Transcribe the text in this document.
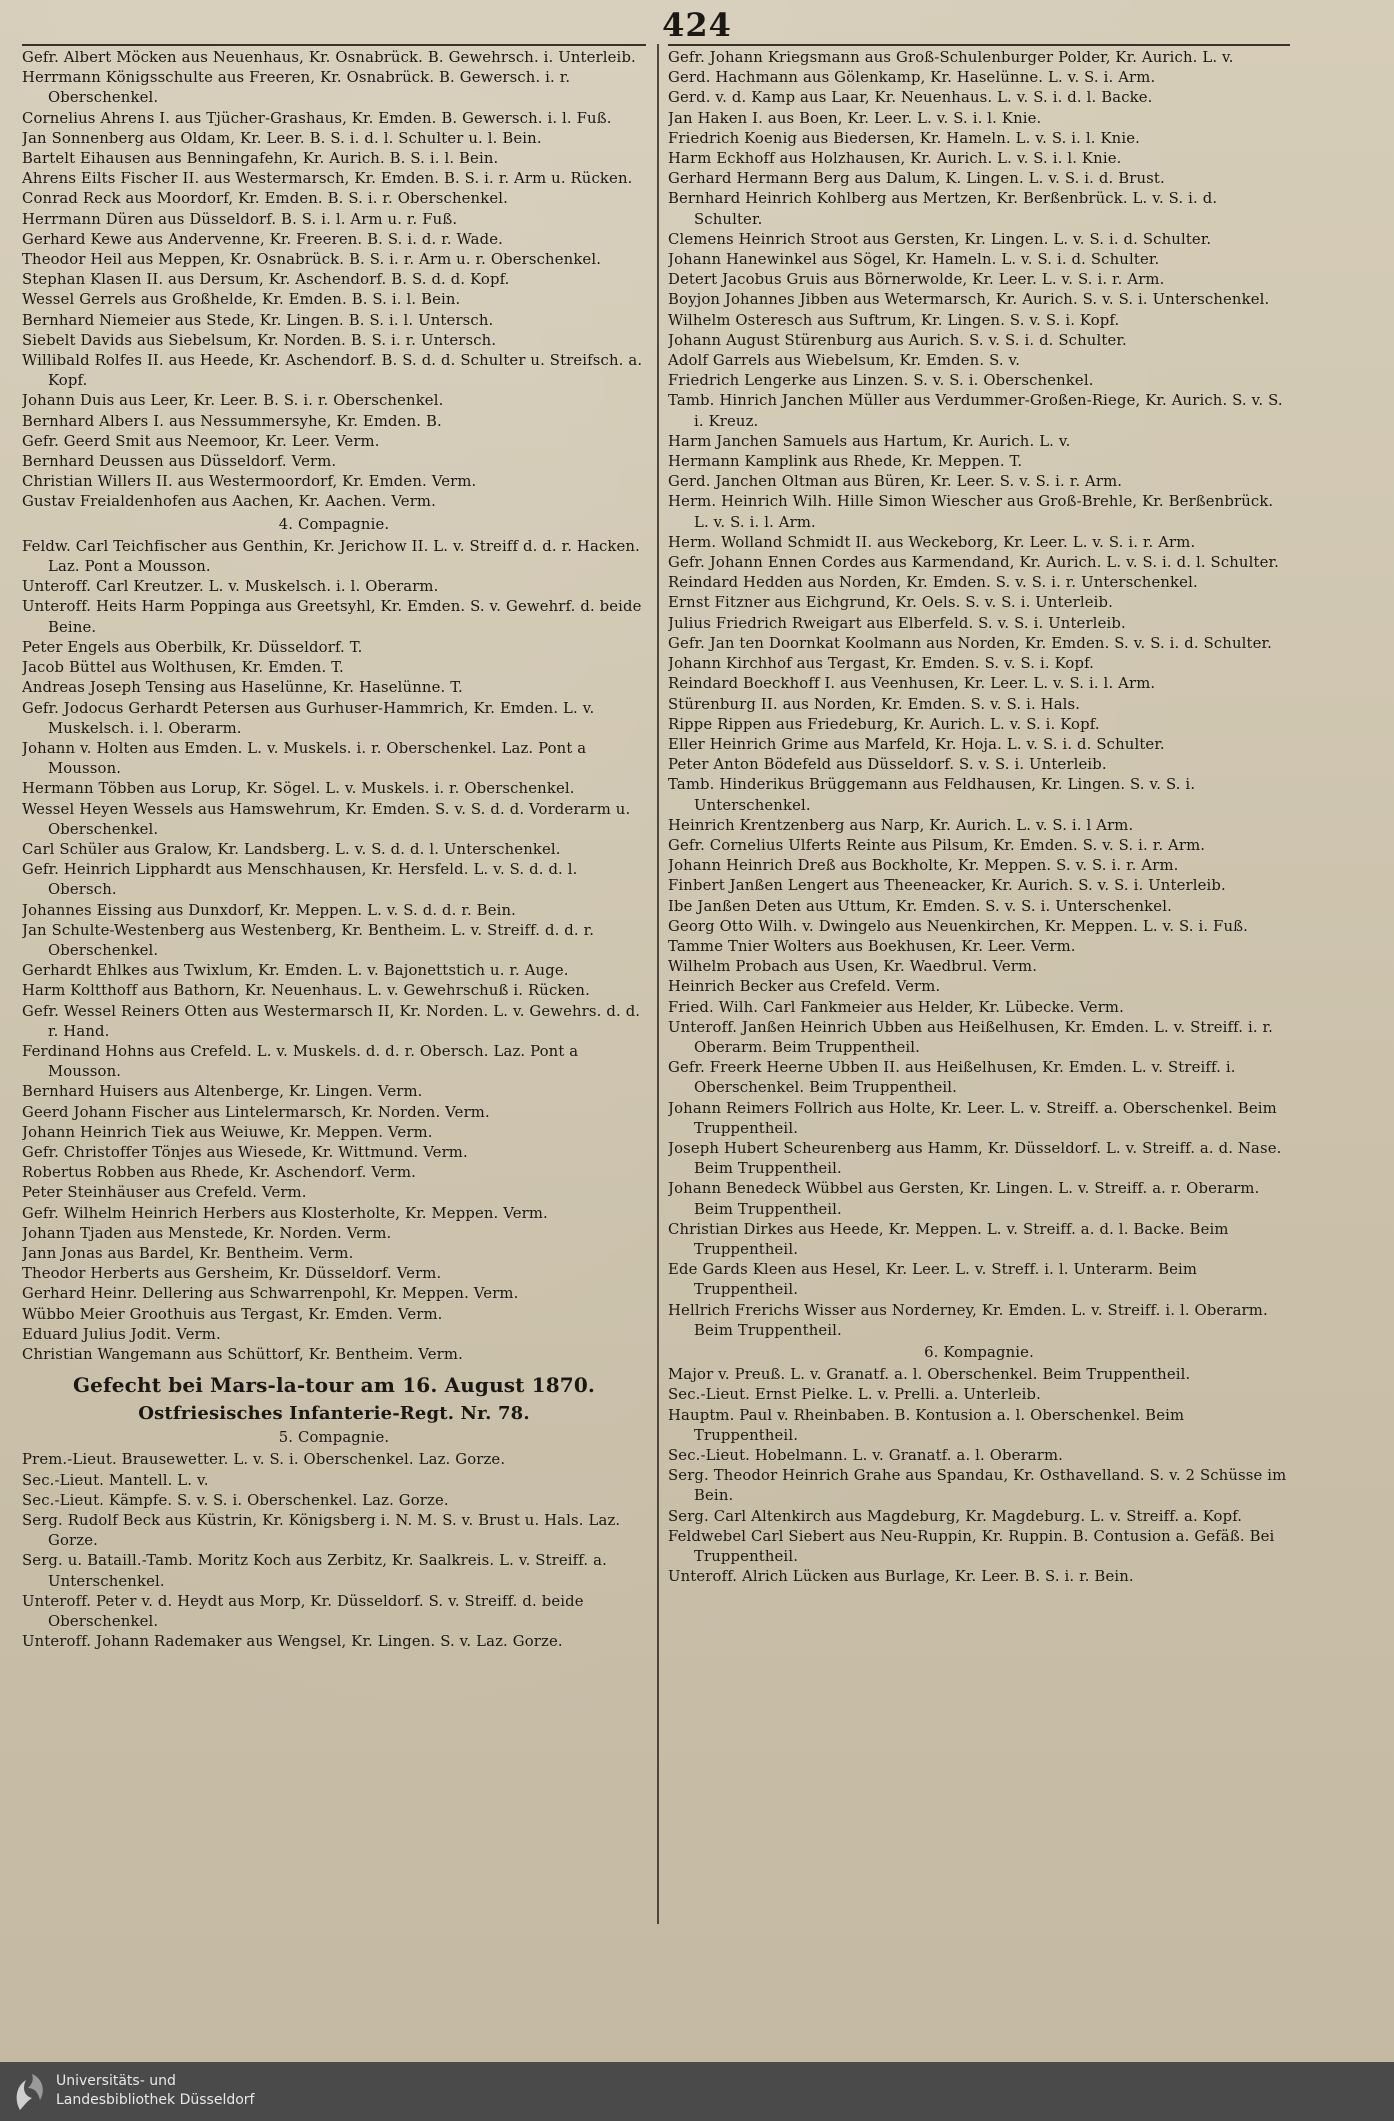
424
Gefr. Albert Möcken aus Neuenhaus, Kr. Osnabrück. B. Gewehrsch. i. Unterleib.
Herrmann Königsschulte aus Freeren, Kr. Osnabrück. B. Gewersch. i. r. Oberschenkel.
Cornelius Ahrens I. aus Tjücher-Grashaus, Kr. Emden. B. Gewersch. i. l. Fuß.
Jan Sonnenberg aus Oldam, Kr. Leer. B. S. i. d. l. Schulter u. l. Bein.
Bartelt Eihausen aus Benningafehn, Kr. Aurich. B. S. i. l. Bein.
Ahrens Eilts Fischer II. aus Westermarsch, Kr. Emden. B. S. i. r. Arm u. Rücken.
Conrad Reck aus Moordorf, Kr. Emden. B. S. i. r. Oberschenkel.
Herrmann Düren aus Düsseldorf. B. S. i. l. Arm u. r. Fuß.
Gerhard Kewe aus Andervenne, Kr. Freeren. B. S. i. d. r. Wade.
Theodor Heil aus Meppen, Kr. Osnabrück. B. S. i. r. Arm u. r. Oberschenkel.
Stephan Klasen II. aus Dersum, Kr. Aschendorf. B. S. d. d. Kopf.
Wessel Gerrels aus Großhelde, Kr. Emden. B. S. i. l. Bein.
Bernhard Niemeier aus Stede, Kr. Lingen. B. S. i. l. Untersch.
Siebelt Davids aus Siebelsum, Kr. Norden. B. S. i. r. Untersch.
Willibald Rolfes II. aus Heede, Kr. Aschendorf. B. S. d. d. Schulter u. Streifsch. a. Kopf.
Johann Duis aus Leer, Kr. Leer. B. S. i. r. Oberschenkel.
Bernhard Albers I. aus Nessummersyhe, Kr. Emden. B.
Gefr. Geerd Smit aus Neemoor, Kr. Leer. Verm.
Bernhard Deussen aus Düsseldorf. Verm.
Christian Willers II. aus Westermoordorf, Kr. Emden. Verm.
Gustav Freialdenhofen aus Aachen, Kr. Aachen. Verm.
4. Compagnie.
Feldw. Carl Teichfischer aus Genthin, Kr. Jerichow II. L. v. Streiff d. d. r. Hacken. Laz. Pont a Mousson.
Unteroff. Carl Kreutzer. L. v. Muskelsch. i. l. Oberarm.
Unteroff. Heits Harm Poppinga aus Greetsyhl, Kr. Emden. S. v. Gewehrf. d. beide Beine.
Peter Engels aus Oberbilk, Kr. Düsseldorf. T.
Jacob Büttel aus Wolthusen, Kr. Emden. T.
Andreas Joseph Tensing aus Haselünne, Kr. Haselünne. T.
Gefr. Jodocus Gerhardt Petersen aus Gurhuser-Hammrich, Kr. Emden. L. v. Muskelsch. i. l. Oberarm.
Johann v. Holten aus Emden. L. v. Muskels. i. r. Oberschenkel. Laz. Pont a Mousson.
Hermann Többen aus Lorup, Kr. Sögel. L. v. Muskels. i. r. Oberschenkel.
Wessel Heyen Wessels aus Hamswehrum, Kr. Emden. S. v. S. d. d. Vorderarm u. Oberschenkel.
Carl Schüler aus Gralow, Kr. Landsberg. L. v. S. d. d. l. Unterschenkel.
Gefr. Heinrich Lipphardt aus Menschhausen, Kr. Hersfeld. L. v. S. d. d. l. Obersch.
Johannes Eissing aus Dunxdorf, Kr. Meppen. L. v. S. d. d. r. Bein.
Jan Schulte-Westenberg aus Westenberg, Kr. Bentheim. L. v. Streiff. d. d. r. Oberschenkel.
Gerhardt Ehlkes aus Twixlum, Kr. Emden. L. v. Bajonettstich u. r. Auge.
Harm Koltthoff aus Bathorn, Kr. Neuenhaus. L. v. Gewehrschuß i. Rücken.
Gefr. Wessel Reiners Otten aus Westermarsch II, Kr. Norden. L. v. Gewehrs. d. d. r. Hand.
Ferdinand Hohns aus Crefeld. L. v. Muskels. d. d. r. Obersch. Laz. Pont a Mousson.
Bernhard Huisers aus Altenberge, Kr. Lingen. Verm.
Geerd Johann Fischer aus Lintelermarsch, Kr. Norden. Verm.
Johann Heinrich Tiek aus Weiuwe, Kr. Meppen. Verm.
Gefr. Christoffer Tönjes aus Wiesede, Kr. Wittmund. Verm.
Robertus Robben aus Rhede, Kr. Aschendorf. Verm.
Peter Steinhäuser aus Crefeld. Verm.
Gefr. Wilhelm Heinrich Herbers aus Klosterholte, Kr. Meppen. Verm.
Johann Tjaden aus Menstede, Kr. Norden. Verm.
Jann Jonas aus Bardel, Kr. Bentheim. Verm.
Theodor Herberts aus Gersheim, Kr. Düsseldorf. Verm.
Gerhard Heinr. Dellering aus Schwarrenpohl, Kr. Meppen. Verm.
Wübbo Meier Groothuis aus Tergast, Kr. Emden. Verm.
Eduard Julius Jodit. Verm.
Christian Wangemann aus Schüttorf, Kr. Bentheim. Verm.
Gefecht bei Mars-la-tour am 16. August 1870.
Ostfriesisches Infanterie-Regt. Nr. 78.
5. Compagnie.
Prem.-Lieut. Brausewetter. L. v. S. i. Oberschenkel. Laz. Gorze.
Sec.-Lieut. Mantell. L. v.
Sec.-Lieut. Kämpfe. S. v. S. i. Oberschenkel. Laz. Gorze.
Serg. Rudolf Beck aus Küstrin, Kr. Königsberg i. N. M. S. v. Brust u. Hals. Laz. Gorze.
Serg. u. Bataill.-Tamb. Moritz Koch aus Zerbitz, Kr. Saalkreis. L. v. Streiff. a. Unterschenkel.
Unteroff. Peter v. d. Heydt aus Morp, Kr. Düsseldorf. S. v. Streiff. d. beide Oberschenkel.
Unteroff. Johann Rademaker aus Wengsel, Kr. Lingen. S. v. Laz. Gorze.
Gefr. Johann Kriegsmann aus Groß-Schulenburger Polder, Kr. Aurich. L. v.
Gerd. Hachmann aus Gölenkamp, Kr. Haselünne. L. v. S. i. Arm.
Gerd. v. d. Kamp aus Laar, Kr. Neuenhaus. L. v. S. i. d. l. Backe.
Jan Haken I. aus Boen, Kr. Leer. L. v. S. i. l. Knie.
Friedrich Koenig aus Biedersen, Kr. Hameln. L. v. S. i. l. Knie.
Harm Eckhoff aus Holzhausen, Kr. Aurich. L. v. S. i. l. Knie.
Gerhard Hermann Berg aus Dalum, K. Lingen. L. v. S. i. d. Brust.
Bernhard Heinrich Kohlberg aus Mertzen, Kr. Berßenbrück. L. v. S. i. d. Schulter.
Clemens Heinrich Stroot aus Gersten, Kr. Lingen. L. v. S. i. d. Schulter.
Johann Hanewinkel aus Sögel, Kr. Hameln. L. v. S. i. d. Schulter.
Detert Jacobus Gruis aus Börnerwolde, Kr. Leer. L. v. S. i. r. Arm.
Boyjon Johannes Jibben aus Wetermarsch, Kr. Aurich. S. v. S. i. Unterschenkel.
Wilhelm Osteresch aus Suftrum, Kr. Lingen. S. v. S. i. Kopf.
Johann August Stürenburg aus Aurich. S. v. S. i. d. Schulter.
Adolf Garrels aus Wiebelsum, Kr. Emden. S. v.
Friedrich Lengerke aus Linzen. S. v. S. i. Oberschenkel.
Tamb. Hinrich Janchen Müller aus Verdummer-Großen-Riege, Kr. Aurich. S. v. S. i. Kreuz.
Harm Janchen Samuels aus Hartum, Kr. Aurich. L. v.
Hermann Kamplink aus Rhede, Kr. Meppen. T.
Gerd. Janchen Oltman aus Büren, Kr. Leer. S. v. S. i. r. Arm.
Herm. Heinrich Wilh. Hille Simon Wiescher aus Groß-Brehle, Kr. Berßenbrück. L. v. S. i. l. Arm.
Herm. Wolland Schmidt II. aus Weckeborg, Kr. Leer. L. v. S. i. r. Arm.
Gefr. Johann Ennen Cordes aus Karmendand, Kr. Aurich. L. v. S. i. d. l. Schulter.
Reindard Hedden aus Norden, Kr. Emden. S. v. S. i. r. Unterschenkel.
Ernst Fitzner aus Eichgrund, Kr. Oels. S. v. S. i. Unterleib.
Julius Friedrich Rweigart aus Elberfeld. S. v. S. i. Unterleib.
Gefr. Jan ten Doornkat Koolmann aus Norden, Kr. Emden. S. v. S. i. d. Schulter.
Johann Kirchhof aus Tergast, Kr. Emden. S. v. S. i. Kopf.
Reindard Boeckhoff I. aus Veenhusen, Kr. Leer. L. v. S. i. l. Arm.
Stürenburg II. aus Norden, Kr. Emden. S. v. S. i. Hals.
Rippe Rippen aus Friedeburg, Kr. Aurich. L. v. S. i. Kopf.
Eller Heinrich Grime aus Marfeld, Kr. Hoja. L. v. S. i. d. Schulter.
Peter Anton Bödefeld aus Düsseldorf. S. v. S. i. Unterleib.
Tamb. Hinderikus Brüggemann aus Feldhausen, Kr. Lingen. S. v. S. i. Unterschenkel.
Heinrich Krentzenberg aus Narp, Kr. Aurich. L. v. S. i. l Arm.
Gefr. Cornelius Ulferts Reinte aus Pilsum, Kr. Emden. S. v. S. i. r. Arm.
Johann Heinrich Dreß aus Bockholte, Kr. Meppen. S. v. S. i. r. Arm.
Finbert Janßen Lengert aus Theeneacker, Kr. Aurich. S. v. S. i. Unterleib.
Ibe Janßen Deten aus Uttum, Kr. Emden. S. v. S. i. Unterschenkel.
Georg Otto Wilh. v. Dwingelo aus Neuenkirchen, Kr. Meppen. L. v. S. i. Fuß.
Tamme Tnier Wolters aus Boekhusen, Kr. Leer. Verm.
Wilhelm Probach aus Usen, Kr. Waedbrul. Verm.
Heinrich Becker aus Crefeld. Verm.
Fried. Wilh. Carl Fankmeier aus Helder, Kr. Lübecke. Verm.
Unteroff. Janßen Heinrich Ubben aus Heißelhusen, Kr. Emden. L. v. Streiff. i. r. Oberarm. Beim Truppentheil.
Gefr. Freerk Heerne Ubben II. aus Heißelhusen, Kr. Emden. L. v. Streiff. i. Oberschenkel. Beim Truppentheil.
Johann Reimers Follrich aus Holte, Kr. Leer. L. v. Streiff. a. Oberschenkel. Beim Truppentheil.
Joseph Hubert Scheurenberg aus Hamm, Kr. Düsseldorf. L. v. Streiff. a. d. Nase. Beim Truppentheil.
Johann Benedeck Wübbel aus Gersten, Kr. Lingen. L. v. Streiff. a. r. Oberarm. Beim Truppentheil.
Christian Dirkes aus Heede, Kr. Meppen. L. v. Streiff. a. d. l. Backe. Beim Truppentheil.
Ede Gards Kleen aus Hesel, Kr. Leer. L. v. Streff. i. l. Unterarm. Beim Truppentheil.
Hellrich Frerichs Wisser aus Norderney, Kr. Emden. L. v. Streiff. i. l. Oberarm. Beim Truppentheil.
6. Kompagnie.
Major v. Preuß. L. v. Granatf. a. l. Oberschenkel. Beim Truppentheil.
Sec.-Lieut. Ernst Pielke. L. v. Prelli. a. Unterleib.
Hauptm. Paul v. Rheinbaben. B. Kontusion a. l. Oberschenkel. Beim Truppentheil.
Sec.-Lieut. Hobelmann. L. v. Granatf. a. l. Oberarm.
Serg. Theodor Heinrich Grahe aus Spandau, Kr. Osthavelland. S. v. 2 Schüsse im Bein.
Serg. Carl Altenkirch aus Magdeburg, Kr. Magdeburg. L. v. Streiff. a. Kopf.
Feldwebel Carl Siebert aus Neu-Ruppin, Kr. Ruppin. B. Contusion a. Gefäß. Bei Truppentheil.
Unteroff. Alrich Lücken aus Burlage, Kr. Leer. B. S. i. r. Bein.
Universitäts- und
Landesbibliothek Düsseldorf
